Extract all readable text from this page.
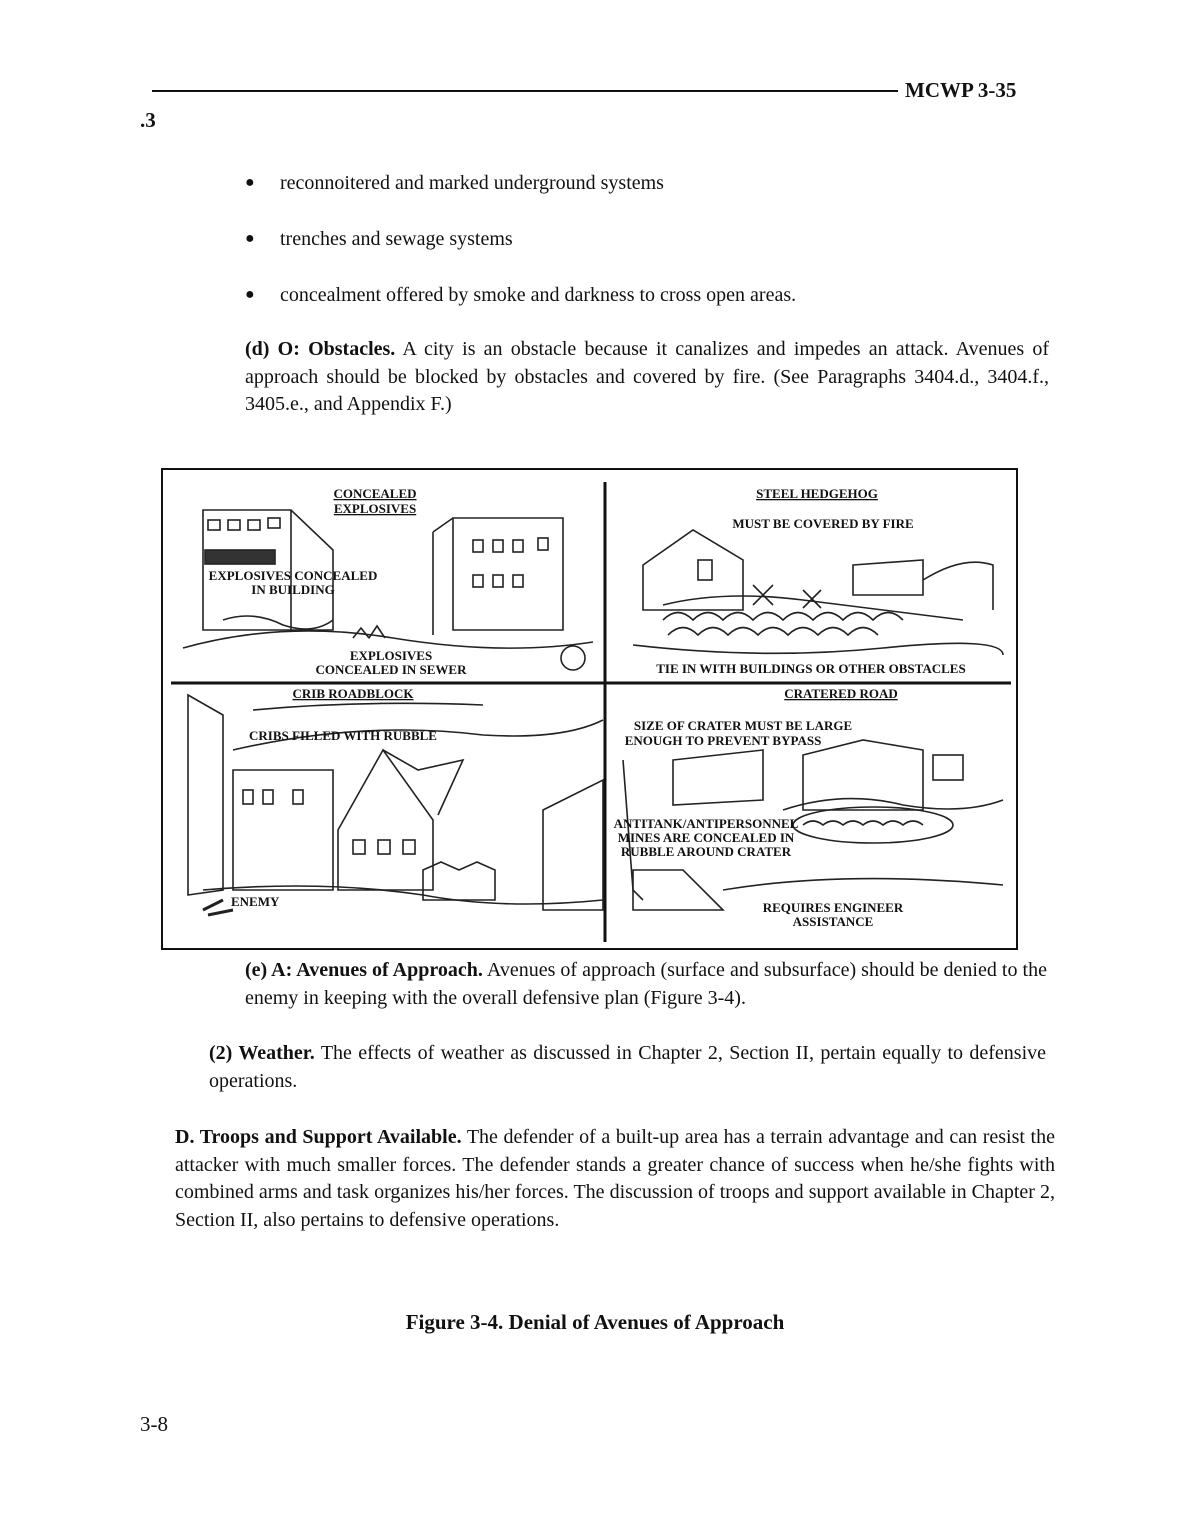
MCWP 3-35
.3
● reconnoitered and marked underground systems
● trenches and sewage systems
● concealment offered by smoke and darkness to cross open areas.
(d) O: Obstacles. A city is an obstacle because it canalizes and impedes an attack. Avenues of approach should be blocked by obstacles and covered by fire. (See Paragraphs 3404.d., 3404.f., 3405.e., and Appendix F.)
CONCEALED
EXPLOSIVES
EXPLOSIVES CONCEALED
IN BUILDING
EXPLOSIVES
CONCEALED IN SEWER
STEEL HEDGEHOG
MUST BE COVERED BY FIRE
TIE IN WITH BUILDINGS OR OTHER OBSTACLES
CRIB ROADBLOCK
CRIBS FILLED WITH RUBBLE
ENEMY
CRATERED ROAD
SIZE OF CRATER MUST BE LARGE
ENOUGH TO PREVENT BYPASS
ANTITANK/ANTIPERSONNEL
MINES ARE CONCEALED IN
RUBBLE AROUND CRATER
REQUIRES ENGINEER
ASSISTANCE
(e) A: Avenues of Approach. Avenues of approach (surface and subsurface) should be denied to the enemy in keeping with the overall defensive plan (Figure 3-4).
(2) Weather. The effects of weather as discussed in Chapter 2, Section II, pertain equally to defensive operations.
D. Troops and Support Available. The defender of a built-up area has a terrain advantage and can resist the attacker with much smaller forces. The defender stands a greater chance of success when he/she fights with combined arms and task organizes his/her forces. The discussion of troops and support available in Chapter 2, Section II, also pertains to defensive operations.
Figure 3-4. Denial of Avenues of Approach
3-8
